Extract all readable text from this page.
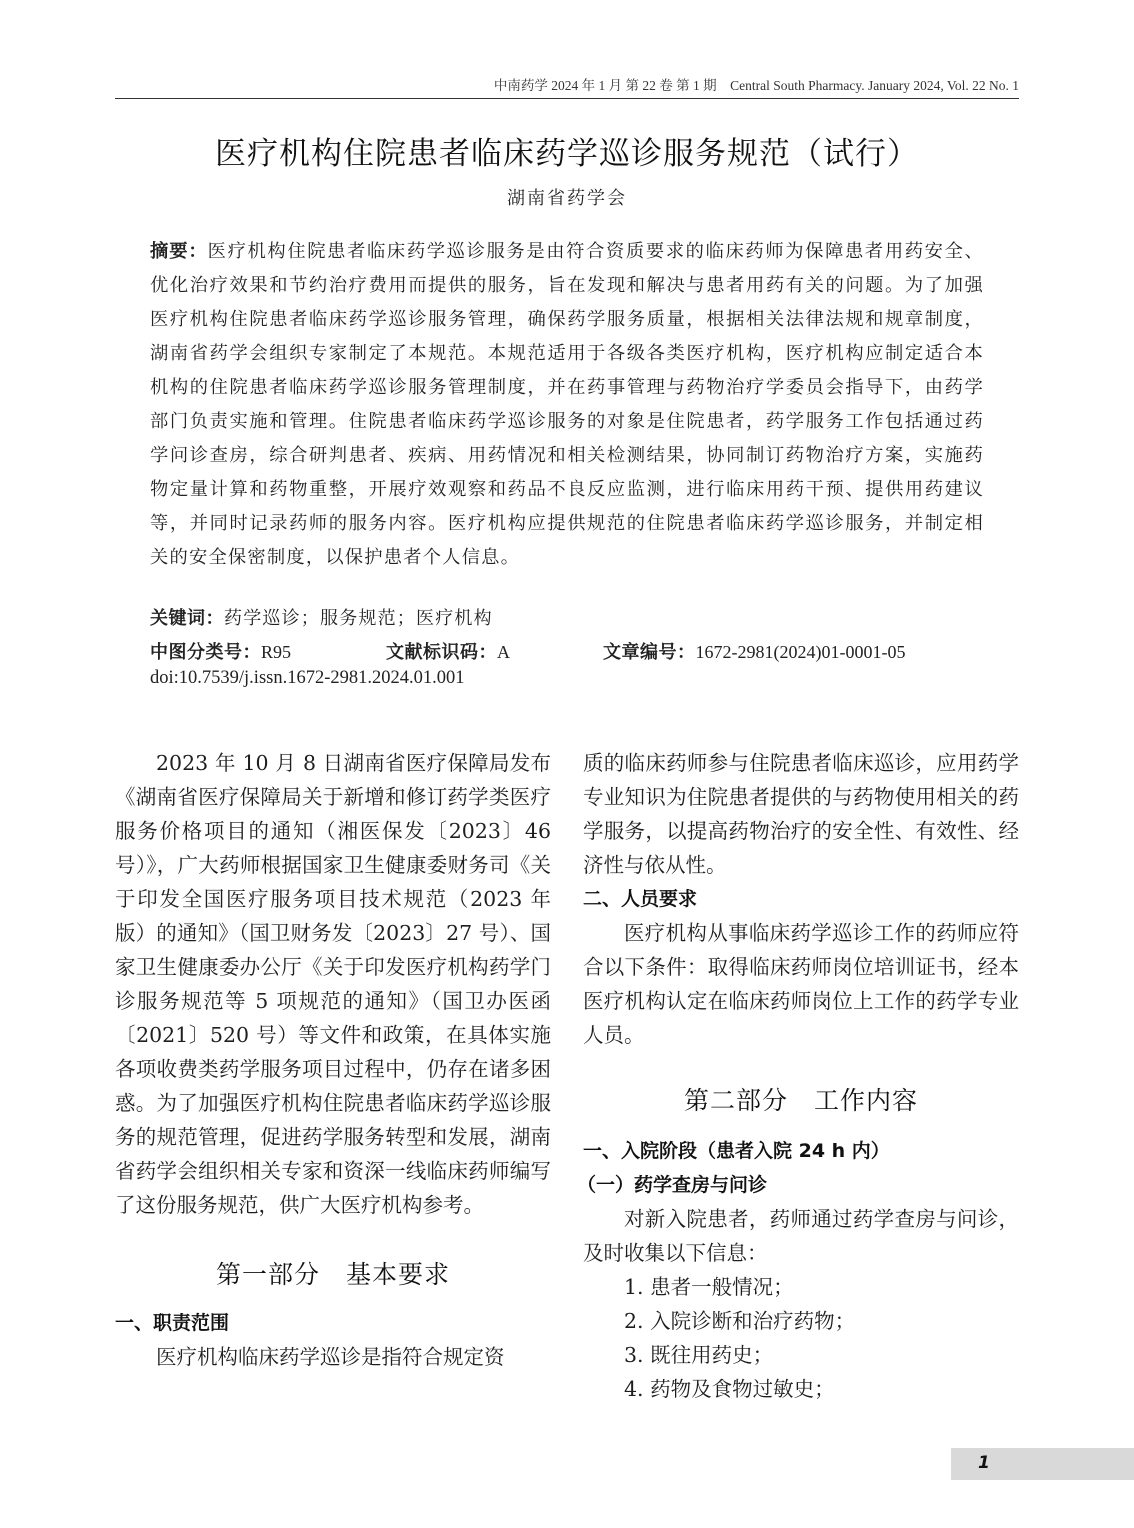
中南药学 2024 年 1 月 第 22 卷 第 1 期　Central South Pharmacy. January 2024, Vol. 22 No. 1
医疗机构住院患者临床药学巡诊服务规范（试行）
湖南省药学会
摘要：医疗机构住院患者临床药学巡诊服务是由符合资质要求的临床药师为保障患者用药安全、优化治疗效果和节约治疗费用而提供的服务，旨在发现和解决与患者用药有关的问题。为了加强医疗机构住院患者临床药学巡诊服务管理，确保药学服务质量，根据相关法律法规和规章制度，湖南省药学会组织专家制定了本规范。本规范适用于各级各类医疗机构，医疗机构应制定适合本机构的住院患者临床药学巡诊服务管理制度，并在药事管理与药物治疗学委员会指导下，由药学部门负责实施和管理。住院患者临床药学巡诊服务的对象是住院患者，药学服务工作包括通过药学问诊查房，综合研判患者、疾病、用药情况和相关检测结果，协同制订药物治疗方案，实施药物定量计算和药物重整，开展疗效观察和药品不良反应监测，进行临床用药干预、提供用药建议等，并同时记录药师的服务内容。医疗机构应提供规范的住院患者临床药学巡诊服务，并制定相关的安全保密制度，以保护患者个人信息。
关键词：药学巡诊；服务规范；医疗机构
中图分类号：R95	文献标识码：A	文章编号：1672-2981(2024)01-0001-05
doi:10.7539/j.issn.1672-2981.2024.01.001

2023 年 10 月 8 日湖南省医疗保障局发布《湖南省医疗保障局关于新增和修订药学类医疗服务价格项目的通知（湘医保发〔2023〕46 号）》，广大药师根据国家卫生健康委财务司《关于印发全国医疗服务项目技术规范（2023 年版）的通知》（国卫财务发〔2023〕27 号）、国家卫生健康委办公厅《关于印发医疗机构药学门诊服务规范等 5 项规范的通知》（国卫办医函〔2021〕520 号）等文件和政策，在具体实施各项收费类药学服务项目过程中，仍存在诸多困惑。为了加强医疗机构住院患者临床药学巡诊服务的规范管理，促进药学服务转型和发展，湖南省药学会组织相关专家和资深一线临床药师编写了这份服务规范，供广大医疗机构参考。

第一部分　基本要求
一、职责范围

医疗机构临床药学巡诊是指符合规定资

质的临床药师参与住院患者临床巡诊，应用药学专业知识为住院患者提供的与药物使用相关的药学服务，以提高药物治疗的安全性、有效性、经济性与依从性。

二、人员要求

医疗机构从事临床药学巡诊工作的药师应符合以下条件：取得临床药师岗位培训证书，经本医疗机构认定在临床药师岗位上工作的药学专业人员。

第二部分　工作内容
一、入院阶段（患者入院 24 h 内）
（一）药学查房与问诊

对新入院患者，药师通过药学查房与问诊，及时收集以下信息：

1. 患者一般情况；
2. 入院诊断和治疗药物；
3. 既往用药史；
4. 药物及食物过敏史；
1
